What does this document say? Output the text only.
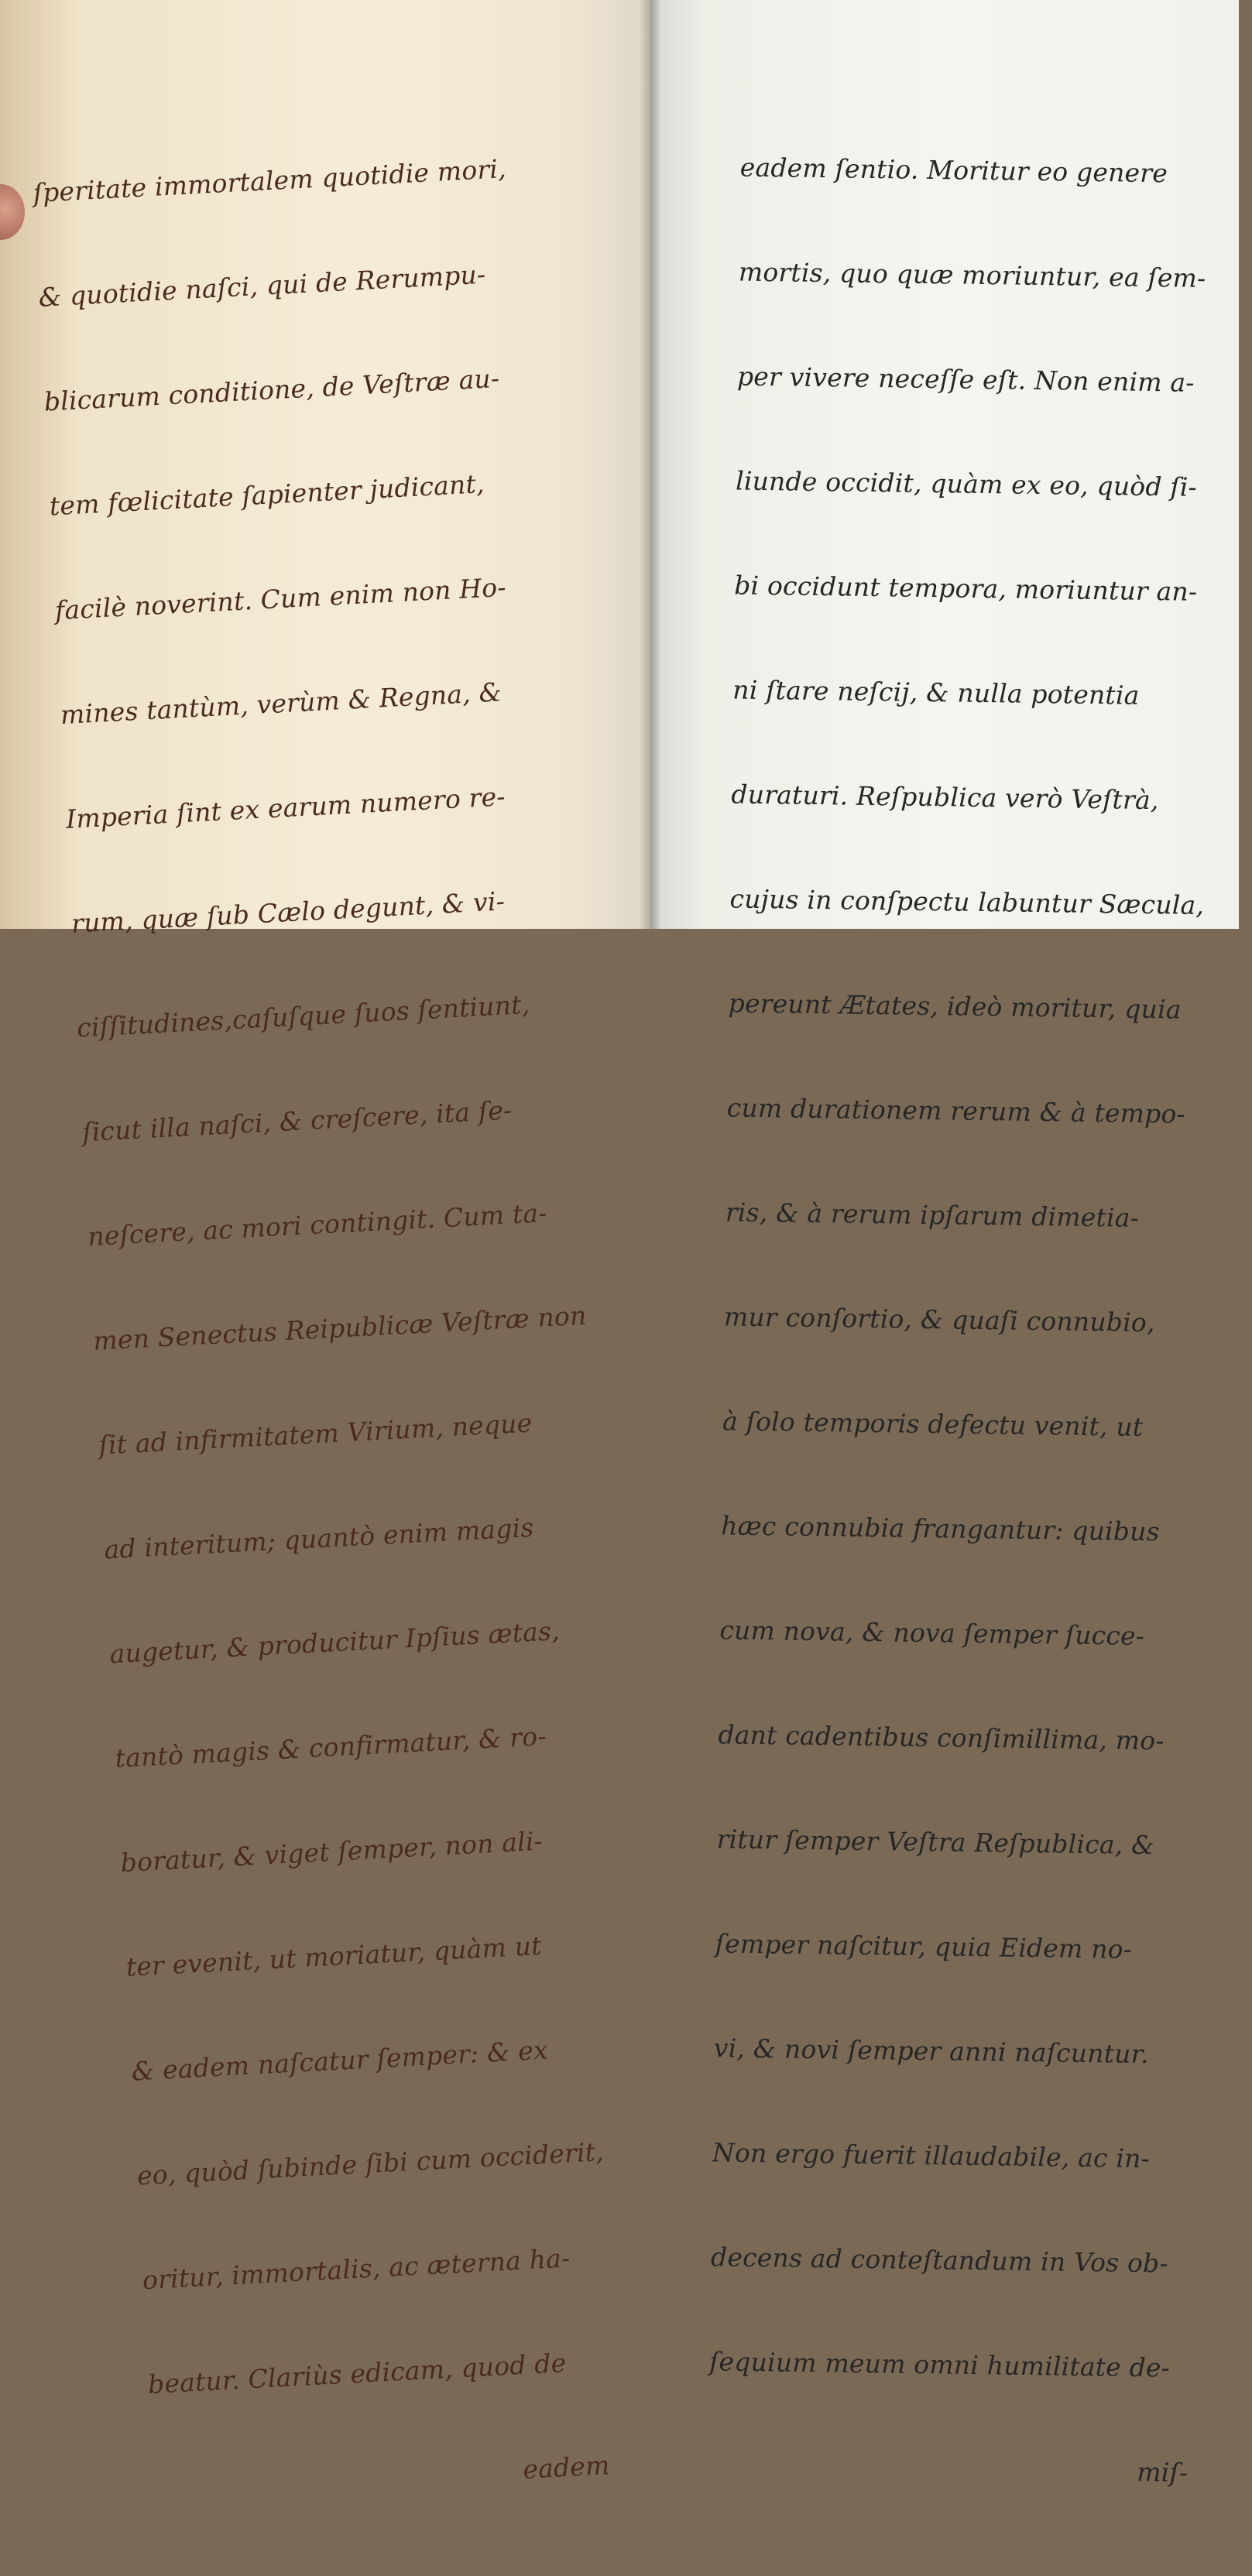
ſperitate immortalem quotidie mori,

& quotidie naſci, qui de Rerumpu-

blicarum conditione, de Veſtræ au-

tem fœlicitate ſapienter judicant,

facilè noverint. Cum enim non Ho-

mines tantùm, verùm & Regna, &

Imperia ſint ex earum numero re-

rum, quæ ſub Cælo degunt, & vi-

ciſſitudines,caſuſque ſuos ſentiunt,

ſicut illa naſci, & creſcere, ita ſe-

neſcere, ac mori contingit. Cum ta-

men Senectus Reipublicæ Veſtræ non

ſit ad infirmitatem Virium, neque

ad interitum; quantò enim magis

augetur, & producitur Ipſius ætas,

tantò magis & confirmatur, & ro-

boratur, & viget ſemper, non ali-

ter evenit, ut moriatur, quàm ut

& eadem naſcatur ſemper: & ex

eo, quòd ſubinde ſibi cum occiderit,

oritur, immortalis, ac æterna ha-

beatur. Clariùs edicam, quod de

eadem

eadem ſentio. Moritur eo genere

mortis, quo quæ moriuntur, ea ſem-

per vivere neceſſe eſt. Non enim a-

liunde occidit, quàm ex eo, quòd ſi-

bi occidunt tempora, moriuntur an-

ni ſtare neſcij, & nulla potentia

duraturi. Reſpublica verò Veſtrà,

cujus in conſpectu labuntur Sæcula,

pereunt Ætates, ideò moritur, quia

cum durationem rerum & à tempo-

ris, & à rerum ipſarum dimetia-

mur conſortio, & quaſi connubio,

à ſolo temporis defectu venit, ut

hæc connubia frangantur: quibus

cum nova, & nova ſemper ſucce-

dant cadentibus conſimillima, mo-

ritur ſemper Veſtra Reſpublica, &

ſemper naſcitur, quia Eidem no-

vi, & novi ſemper anni naſcuntur.

Non ergo fuerit illaudabile, ac in-

decens ad conteſtandum in Vos ob-

ſequium meum omni humilitate de-

miſ-
